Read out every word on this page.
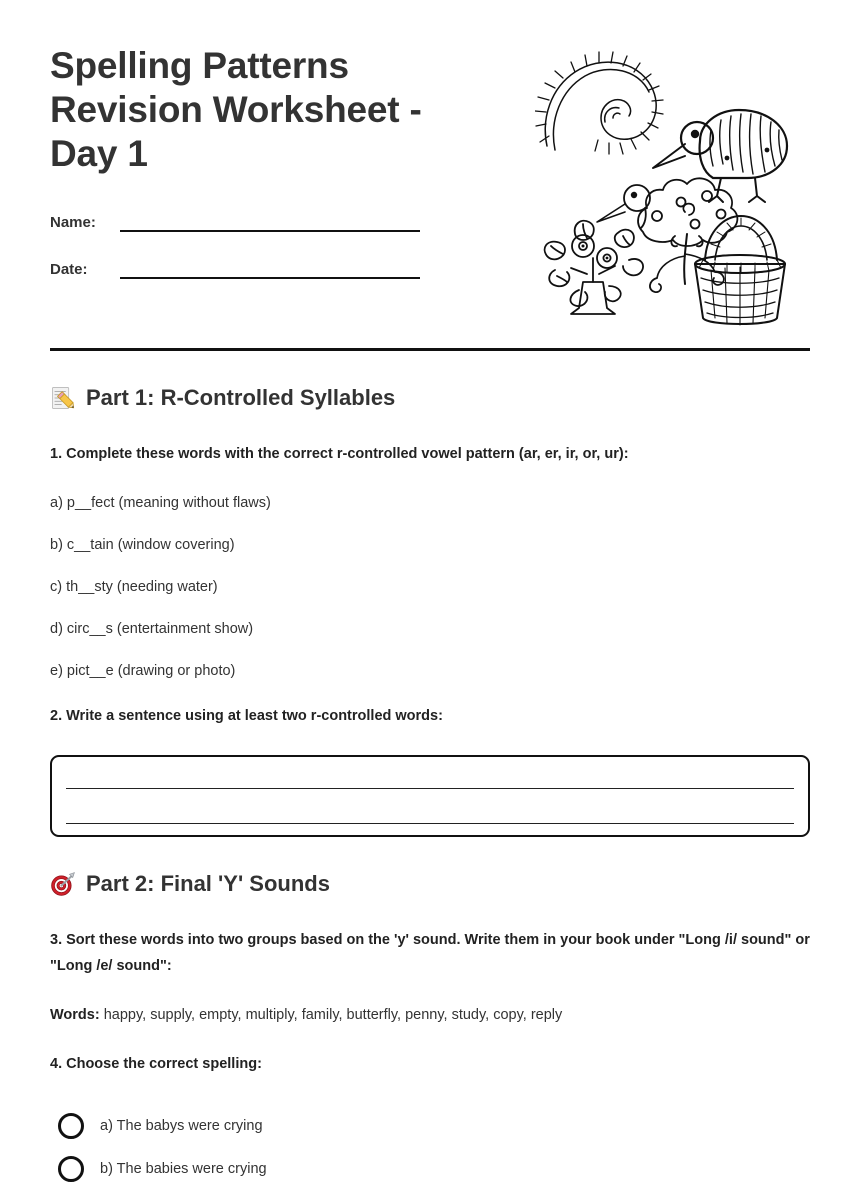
Spelling Patterns Revision Worksheet - Day 1
Name:
Date:
Part 1: R-Controlled Syllables

1. Complete these words with the correct r-controlled vowel pattern (ar, er, ir, or, ur):

a) p__fect (meaning without flaws)

b) c__tain (window covering)

c) th__sty (needing water)

d) circ__s (entertainment show)

e) pict__e (drawing or photo)

2. Write a sentence using at least two r-controlled words:

Part 2: Final 'Y' Sounds

3. Sort these words into two groups based on the 'y' sound. Write them in your book under "Long /i/ sound" or "Long /e/ sound":

Words: happy, supply, empty, multiply, family, butterfly, penny, study, copy, reply

4. Choose the correct spelling:

a) The babys were crying
b) The babies were crying
